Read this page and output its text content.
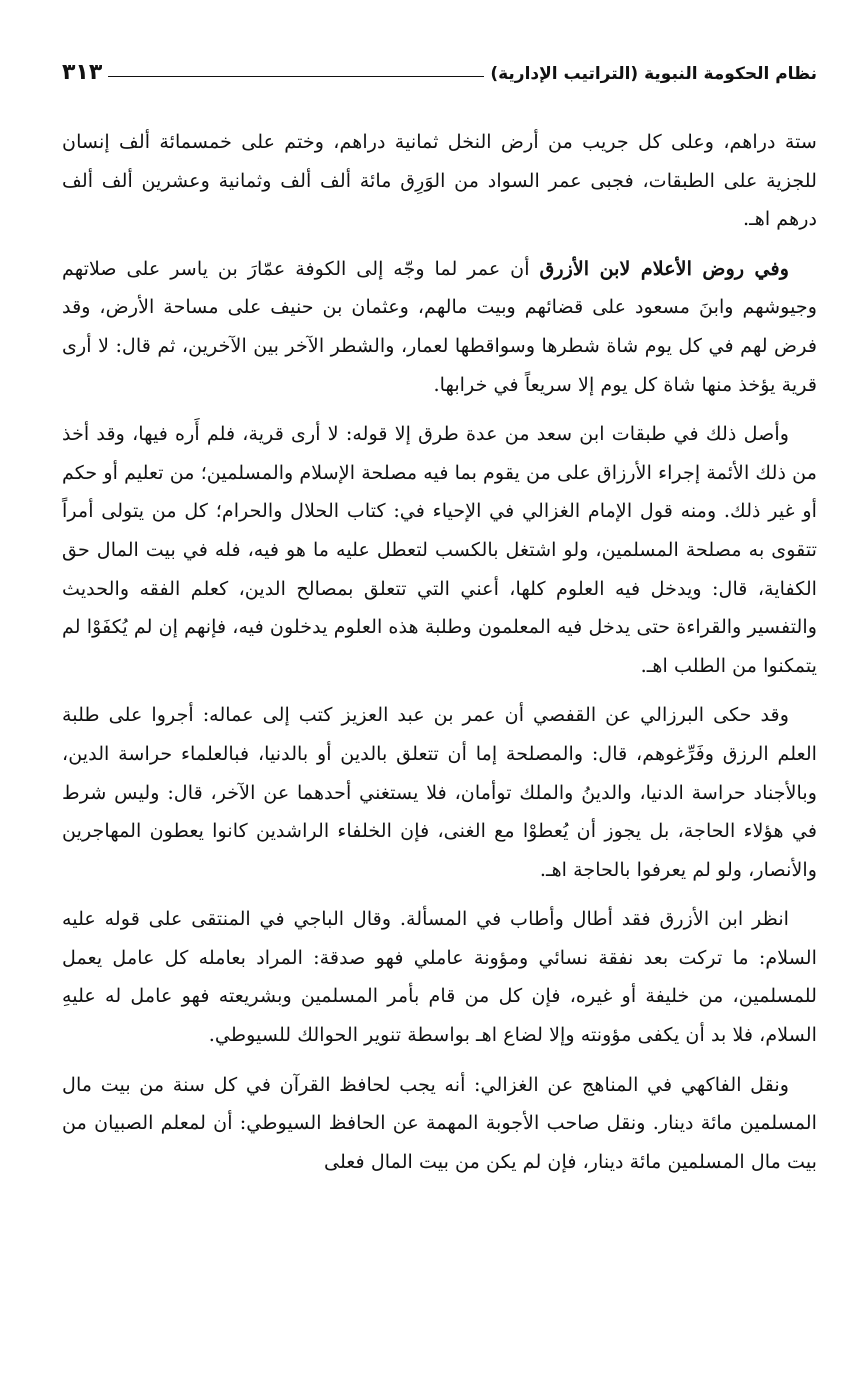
نظام الحكومة النبوية (التراتيب الإدارية)
٣١٣

ستة دراهم، وعلى كل جريب من أرض النخل ثمانية دراهم، وختم على خمسمائة ألف إنسان للجزية على الطبقات، فجبى عمر السواد من الوَرِق مائة ألف ألف وثمانية وعشرين ألف ألف درهم اهـ.

وفي روض الأعلام لابن الأزرق أن عمر لما وجّه إلى الكوفة عمّارَ بن ياسر على صلاتهم وجيوشهم وابنَ مسعود على قضائهم وبيت مالهم، وعثمان بن حنيف على مساحة الأرض، وقد فرض لهم في كل يوم شاة شطرها وسواقطها لعمار، والشطر الآخر بين الآخرين، ثم قال: لا أرى قرية يؤخذ منها شاة كل يوم إلا سريعاً في خرابها.

وأصل ذلك في طبقات ابن سعد من عدة طرق إلا قوله: لا أرى قرية، فلم أَره فيها، وقد أخذ من ذلك الأئمة إجراء الأرزاق على من يقوم بما فيه مصلحة الإسلام والمسلمين؛ من تعليم أو حكم أو غير ذلك. ومنه قول الإمام الغزالي في الإحياء في: كتاب الحلال والحرام؛ كل من يتولى أمراً تتقوى به مصلحة المسلمين، ولو اشتغل بالكسب لتعطل عليه ما هو فيه، فله في بيت المال حق الكفاية، قال: ويدخل فيه العلوم كلها، أعني التي تتعلق بمصالح الدين، كعلم الفقه والحديث والتفسير والقراءة حتى يدخل فيه المعلمون وطلبة هذه العلوم يدخلون فيه، فإنهم إن لم يُكفَوْا لم يتمكنوا من الطلب اهـ.

وقد حكى البرزالي عن القفصي أن عمر بن عبد العزيز كتب إلى عماله: أجروا على طلبة العلم الرزق وفَرِّغوهم، قال: والمصلحة إما أن تتعلق بالدين أو بالدنيا، فبالعلماء حراسة الدين، وبالأجناد حراسة الدنيا، والدينُ والملك توأمان، فلا يستغني أحدهما عن الآخر، قال: وليس شرط في هؤلاء الحاجة، بل يجوز أن يُعطوْا مع الغنى، فإن الخلفاء الراشدين كانوا يعطون المهاجرين والأنصار، ولو لم يعرفوا بالحاجة اهـ.

انظر ابن الأزرق فقد أطال وأطاب في المسألة. وقال الباجي في المنتقى على قوله عليه السلام: ما تركت بعد نفقة نسائي ومؤونة عاملي فهو صدقة: المراد بعامله كل عامل يعمل للمسلمين، من خليفة أو غيره، فإن كل من قام بأمر المسلمين وبشريعته فهو عامل له عليهِ السلام، فلا بد أن يكفى مؤونته وإلا لضاع اهـ بواسطة تنوير الحوالك للسيوطي.

ونقل الفاكهي في المناهج عن الغزالي: أنه يجب لحافظ القرآن في كل سنة من بيت مال المسلمين مائة دينار. ونقل صاحب الأجوبة المهمة عن الحافظ السيوطي: أن لمعلم الصبيان من بيت مال المسلمين مائة دينار، فإن لم يكن من بيت المال فعلى
